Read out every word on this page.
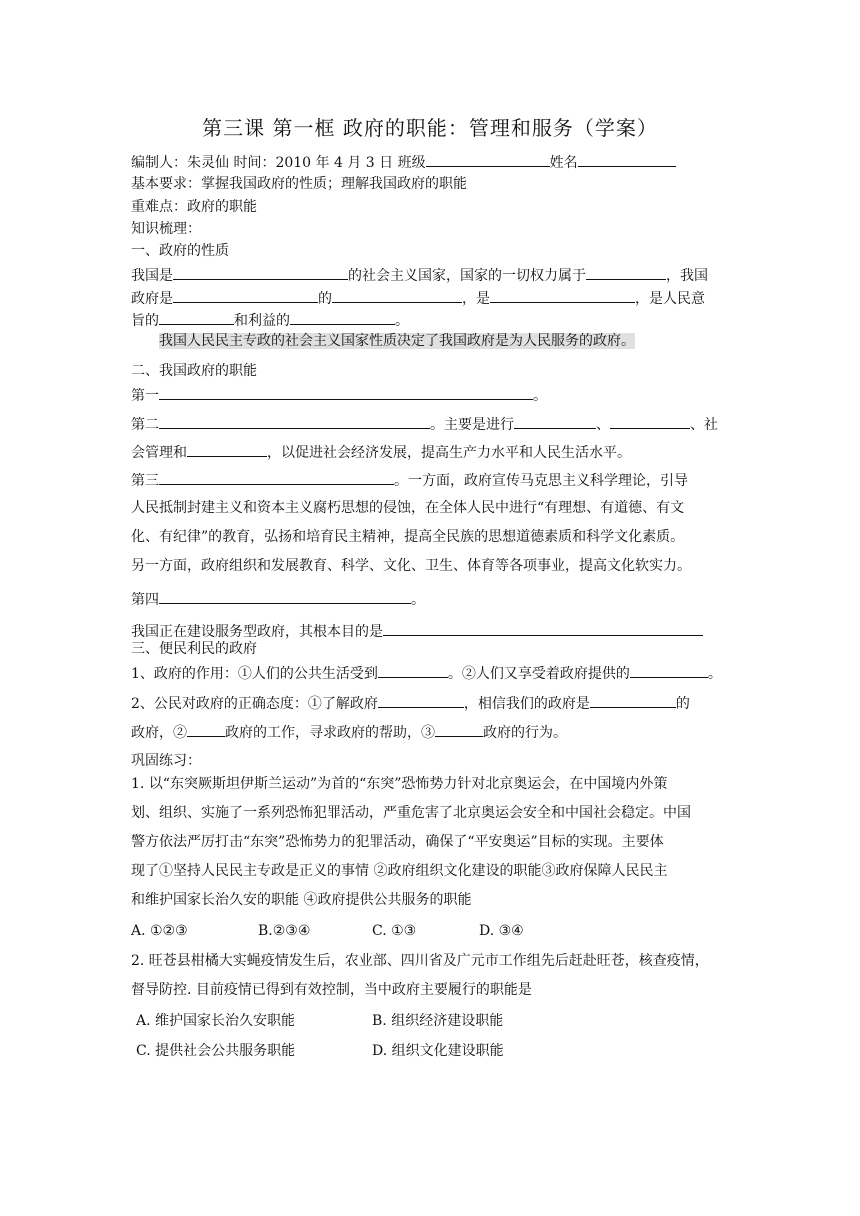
第三课 第一框 政府的职能：管理和服务（学案）
编制人：朱灵仙 时间：2010 年 4 月 3 日 班级	姓名
基本要求：掌握我国政府的性质；理解我国政府的职能
重难点：政府的职能
知识梳理：
一、政府的性质
我国是	的社会主义国家，国家的一切权力属于	，我国
政府是	的	，是	，是人民意
旨的	和利益的	。
我国人民民主专政的社会主义国家性质决定了我国政府是为人民服务的政府。
二、我国政府的职能
第一	。
第二	。主要是进行	、	、社
会管理和	，以促进社会经济发展，提高生产力水平和人民生活水平。
第三	。一方面，政府宣传马克思主义科学理论，引导
人民抵制封建主义和资本主义腐朽思想的侵蚀，在全体人民中进行“有理想、有道德、有文
化、有纪律”的教育，弘扬和培育民主精神，提高全民族的思想道德素质和科学文化素质。
另一方面，政府组织和发展教育、科学、文化、卫生、体育等各项事业，提高文化软实力。
第四	。
我国正在建设服务型政府，其根本目的是
三、便民利民的政府
1、政府的作用：①人们的公共生活受到	。②人们又享受着政府提供的	。
2、公民对政府的正确态度：①了解政府	，相信我们的政府是	的
政府，②	政府的工作，寻求政府的帮助，③	政府的行为。
巩固练习：
1. 以“东突厥斯坦伊斯兰运动”为首的“东突”恐怖势力针对北京奥运会，在中国境内外策
划、组织、实施了一系列恐怖犯罪活动，严重危害了北京奥运会安全和中国社会稳定。中国
警方依法严厉打击“东突”恐怖势力的犯罪活动，确保了“平安奥运”目标的实现。主要体
现了①坚持人民民主专政是正义的事情 ②政府组织文化建设的职能③政府保障人民民主
和维护国家长治久安的职能 ④政府提供公共服务的职能
A. ①②③	B.②③④	C. ①③	D. ③④
2. 旺苍县柑橘大实蝇疫情发生后，农业部、四川省及广元市工作组先后赶赴旺苍，核查疫情，
督导防控. 目前疫情已得到有效控制，当中政府主要履行的职能是
A. 维护国家长治久安职能	B. 组织经济建设职能
C. 提供社会公共服务职能	D. 组织文化建设职能
